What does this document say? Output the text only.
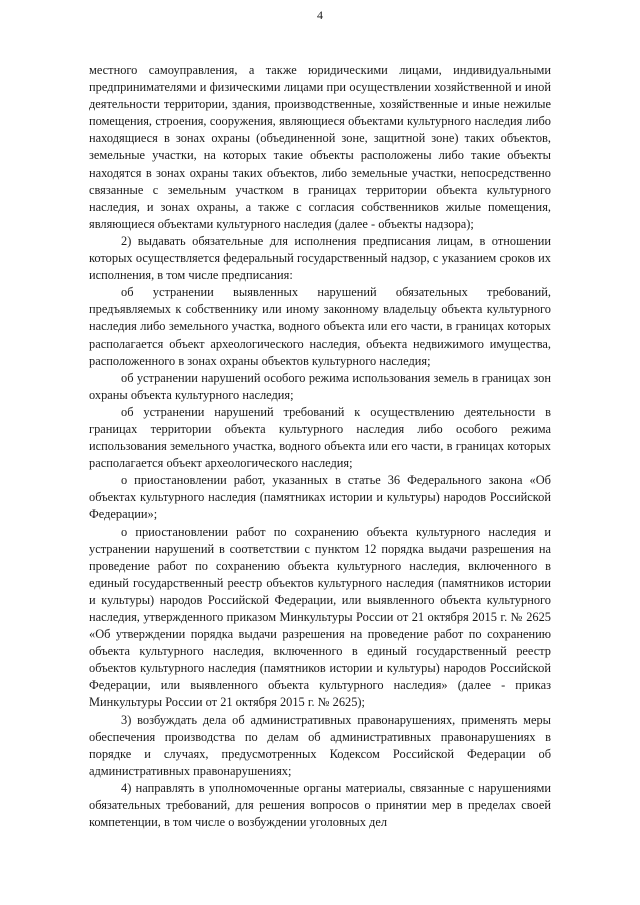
4

местного самоуправления, а также юридическими лицами, индивидуальными предпринимателями и физическими лицами при осуществлении хозяйственной и иной деятельности территории, здания, производственные, хозяйственные и иные нежилые помещения, строения, сооружения, являющиеся объектами культурного наследия либо находящиеся в зонах охраны (объединенной зоне, защитной зоне) таких объектов, земельные участки, на которых такие объекты расположены либо такие объекты находятся в зонах охраны таких объектов, либо земельные участки, непосредственно связанные с земельным участком в границах территории объекта культурного наследия, и зонах охраны, а также с согласия собственников жилые помещения, являющиеся объектами культурного наследия (далее - объекты надзора);

2) выдавать обязательные для исполнения предписания лицам, в отношении которых осуществляется федеральный государственный надзор, с указанием сроков их исполнения, в том числе предписания:

об устранении выявленных нарушений обязательных требований, предъявляемых к собственнику или иному законному владельцу объекта культурного наследия либо земельного участка, водного объекта или его части, в границах которых располагается объект археологического наследия, объекта недвижимого имущества, расположенного в зонах охраны объектов культурного наследия;

об устранении нарушений особого режима использования земель в границах зон охраны объекта культурного наследия;

об устранении нарушений требований к осуществлению деятельности в границах территории объекта культурного наследия либо особого режима использования земельного участка, водного объекта или его части, в границах которых располагается объект археологического наследия;

о приостановлении работ, указанных в статье 36 Федерального закона «Об объектах культурного наследия (памятниках истории и культуры) народов Российской Федерации»;

о приостановлении работ по сохранению объекта культурного наследия и устранении нарушений в соответствии с пунктом 12 порядка выдачи разрешения на проведение работ по сохранению объекта культурного наследия, включенного в единый государственный реестр объектов культурного наследия (памятников истории и культуры) народов Российской Федерации, или выявленного объекта культурного наследия, утвержденного приказом Минкультуры России от 21 октября 2015 г. № 2625 «Об утверждении порядка выдачи разрешения на проведение работ по сохранению объекта культурного наследия, включенного в единый государственный реестр объектов культурного наследия (памятников истории и культуры) народов Российской Федерации, или выявленного объекта культурного наследия» (далее - приказ Минкультуры России от 21 октября 2015 г. № 2625);

3) возбуждать дела об административных правонарушениях, применять меры обеспечения производства по делам об административных правонарушениях в порядке и случаях, предусмотренных Кодексом Российской Федерации об административных правонарушениях;

4) направлять в уполномоченные органы материалы, связанные с нарушениями обязательных требований, для решения вопросов о принятии мер в пределах своей компетенции, в том числе о возбуждении уголовных дел
